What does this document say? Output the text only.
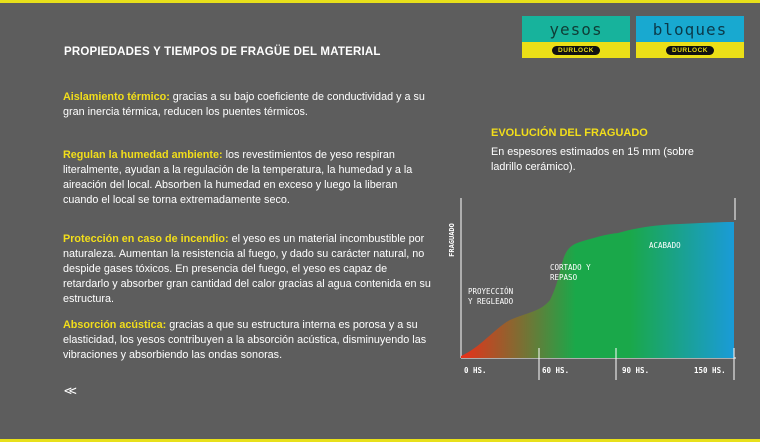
PROPIEDADES Y TIEMPOS DE FRAGÜE DEL MATERIAL
yesos
DURLOCK
bloques
DURLOCK
Aislamiento térmico: gracias a su bajo coeficiente de conductividad y a su gran inercia térmica, reducen los puentes térmicos.
Regulan la humedad ambiente: los revestimientos de yeso respiran literalmente, ayudan a la regulación de la temperatura, la humedad y a la aireación del local. Absorben la humedad en exceso y luego la liberan cuando el local se torna extremadamente seco.
Protección en caso de incendio: el yeso es un material incombustible por naturaleza. Aumentan la resistencia al fuego, y dado su carácter natural, no despide gases tóxicos. En presencia del fuego, el yeso es capaz de retardarlo y absorber gran cantidad del calor gracias al agua contenida en su estructura.
Absorción acústica: gracias a que su estructura interna es porosa y a su elasticidad, los yesos contribuyen a la absorción acústica, disminuyendo las vibraciones y absorbiendo las ondas sonoras.
<<
EVOLUCIÓN DEL FRAGUADO
En espesores estimados en 15 mm (sobre ladrillo cerámico).
FRAGUADO
0 HS.	60 HS.	90 HS.	150 HS.
PROYECCIÓN
Y REGLEADO
CORTADO Y
REPASO
ACABADO
